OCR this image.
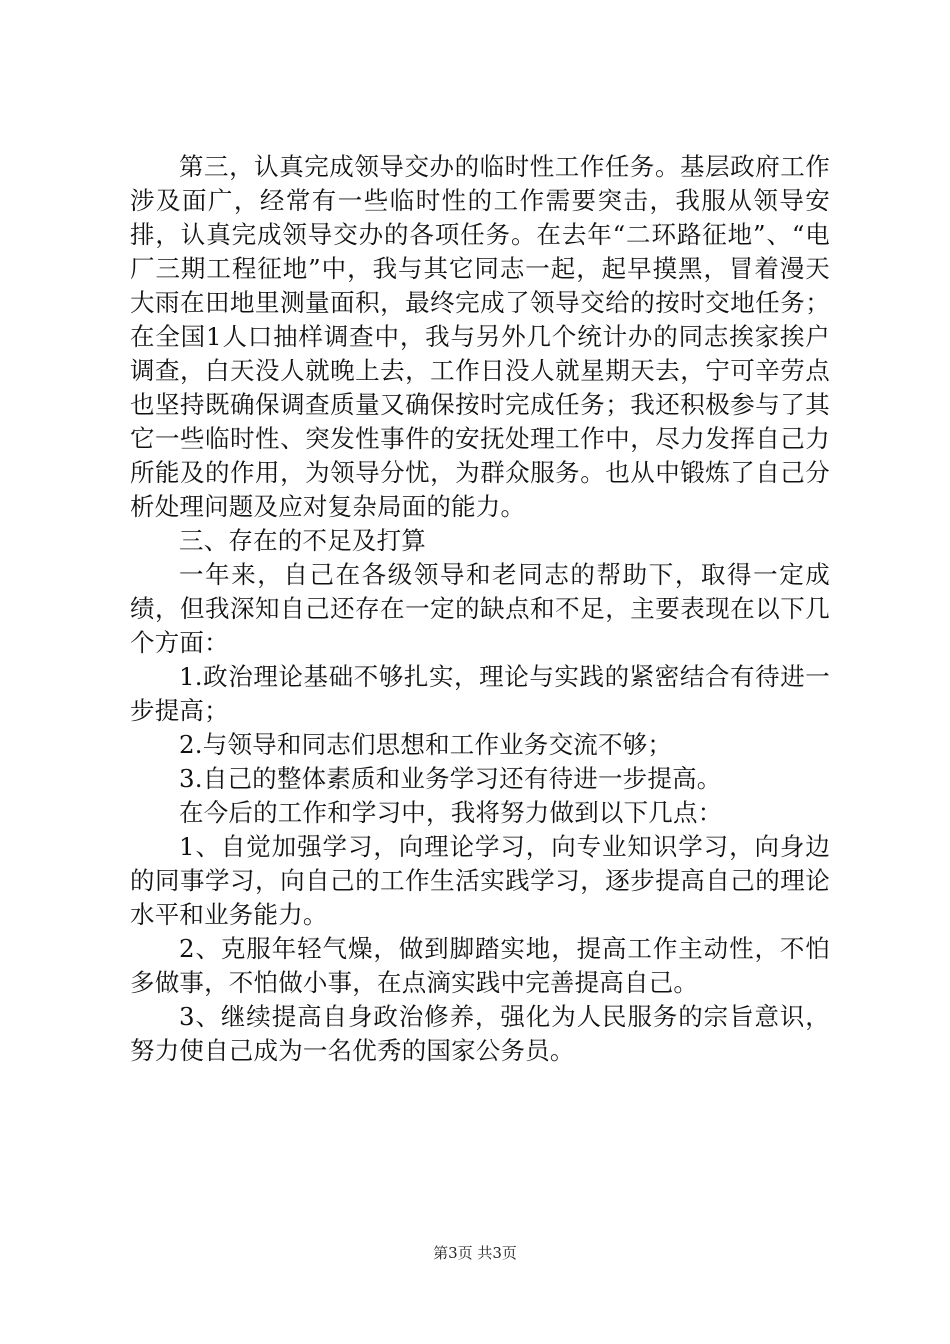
第三，认真完成领导交办的临时性工作任务。基层政府工作涉及面广，经常有一些临时性的工作需要突击，我服从领导安排，认真完成领导交办的各项任务。在去年“二环路征地”、“电厂三期工程征地”中，我与其它同志一起，起早摸黑，冒着漫天大雨在田地里测量面积，最终完成了领导交给的按时交地任务；在全国1人口抽样调查中，我与另外几个统计办的同志挨家挨户调查，白天没人就晚上去，工作日没人就星期天去，宁可辛劳点也坚持既确保调查质量又确保按时完成任务；我还积极参与了其它一些临时性、突发性事件的安抚处理工作中，尽力发挥自己力所能及的作用，为领导分忧，为群众服务。也从中锻炼了自己分析处理问题及应对复杂局面的能力。

三、存在的不足及打算

一年来，自己在各级领导和老同志的帮助下，取得一定成绩，但我深知自己还存在一定的缺点和不足，主要表现在以下几个方面：

1.政治理论基础不够扎实，理论与实践的紧密结合有待进一步提高；

2.与领导和同志们思想和工作业务交流不够；

3.自己的整体素质和业务学习还有待进一步提高。

在今后的工作和学习中，我将努力做到以下几点：

1、自觉加强学习，向理论学习，向专业知识学习，向身边的同事学习，向自己的工作生活实践学习，逐步提高自己的理论水平和业务能力。

2、克服年轻气燥，做到脚踏实地，提高工作主动性，不怕多做事，不怕做小事，在点滴实践中完善提高自己。

3、继续提高自身政治修养，强化为人民服务的宗旨意识，努力使自己成为一名优秀的国家公务员。

第3页 共3页
